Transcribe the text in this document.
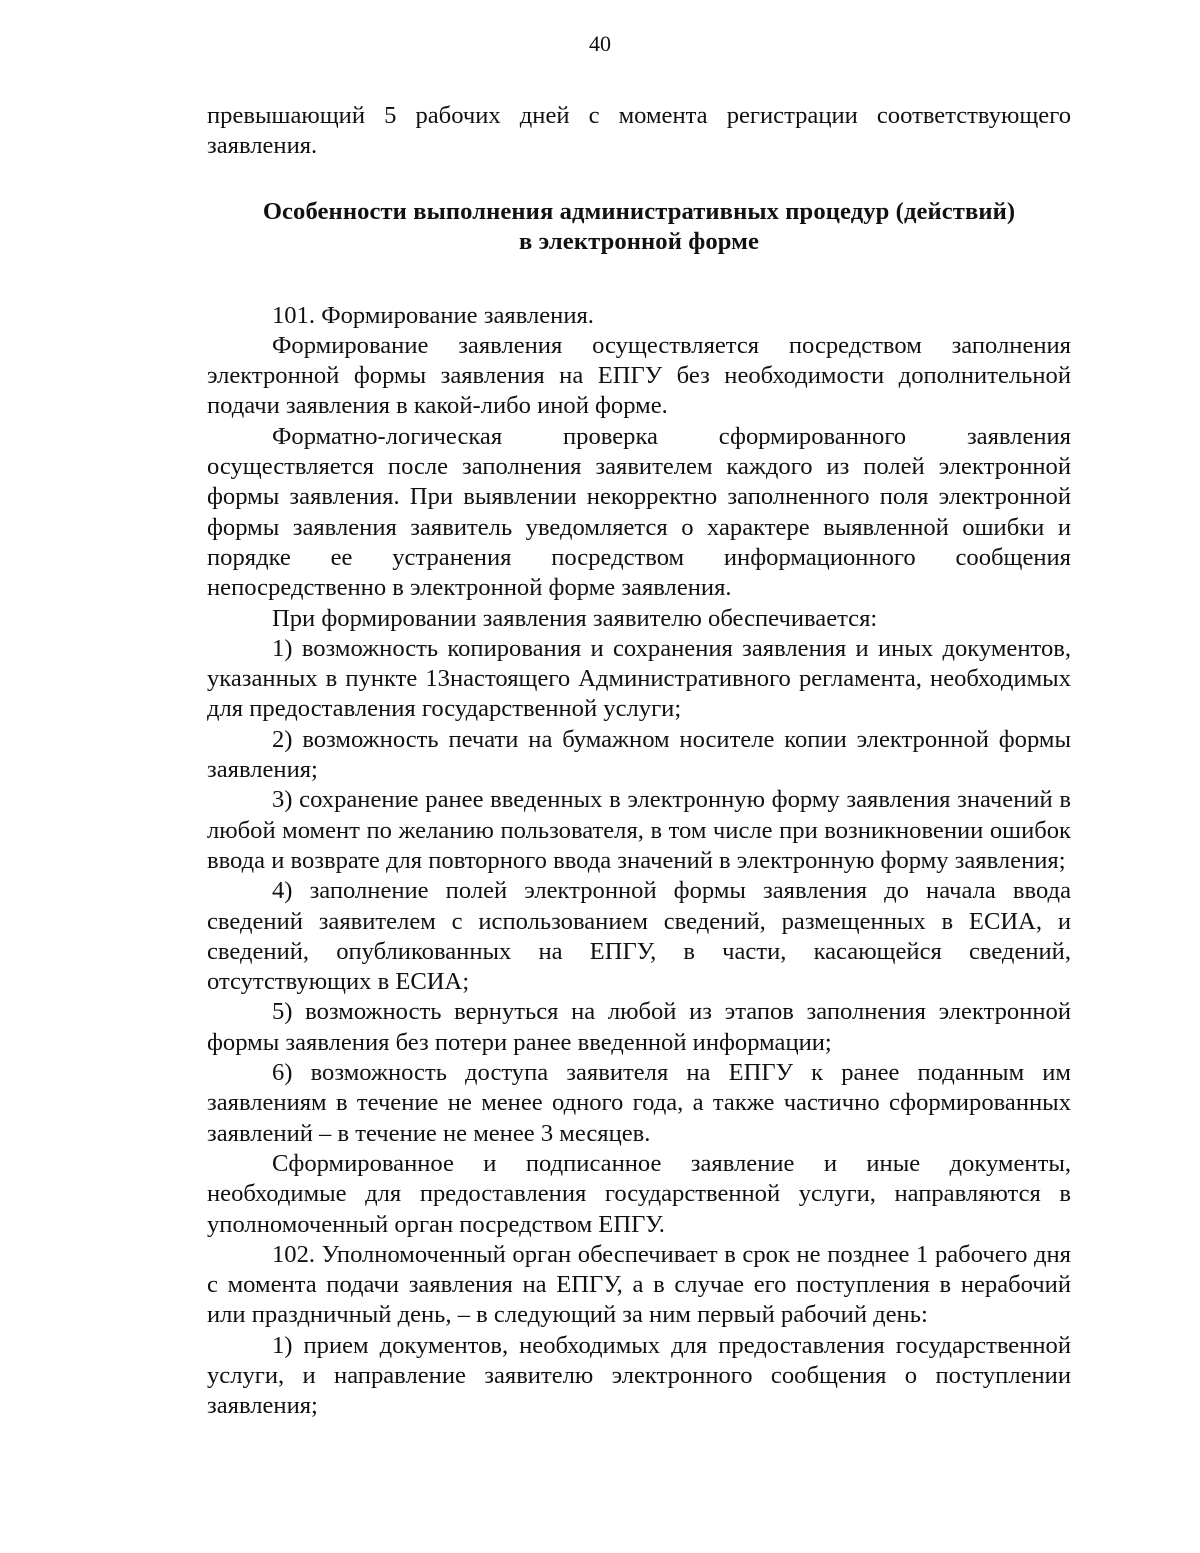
40

превышающий 5 рабочих дней с момента регистрации соответствующего заявления.

Особенности выполнения административных процедур (действий)

в электронной форме

101. Формирование заявления.

Формирование заявления осуществляется посредством заполнения электронной формы заявления на ЕПГУ без необходимости дополнительной подачи заявления в какой-либо иной форме.

Форматно-логическая проверка сформированного заявления осуществляется после заполнения заявителем каждого из полей электронной формы заявления. При выявлении некорректно заполненного поля электронной формы заявления заявитель уведомляется о характере выявленной ошибки и порядке ее устранения посредством информационного сообщения непосредственно в электронной форме заявления.

При формировании заявления заявителю обеспечивается:

1) возможность копирования и сохранения заявления и иных документов, указанных в пункте 13настоящего Административного регламента, необходимых для предоставления государственной услуги;

2) возможность печати на бумажном носителе копии электронной формы заявления;

3) сохранение ранее введенных в электронную форму заявления значений в любой момент по желанию пользователя, в том числе при возникновении ошибок ввода и возврате для повторного ввода значений в электронную форму заявления;

4) заполнение полей электронной формы заявления до начала ввода сведений заявителем с использованием сведений, размещенных в ЕСИА, и сведений, опубликованных на ЕПГУ, в части, касающейся сведений, отсутствующих в ЕСИА;

5) возможность вернуться на любой из этапов заполнения электронной формы заявления без потери ранее введенной информации;

6) возможность доступа заявителя на ЕПГУ к ранее поданным им заявлениям в течение не менее одного года, а также частично сформированных заявлений – в течение не менее 3 месяцев.

Сформированное и подписанное заявление и иные документы, необходимые для предоставления государственной услуги, направляются в уполномоченный орган посредством ЕПГУ.

102. Уполномоченный орган обеспечивает в срок не позднее 1 рабочего дня с момента подачи заявления на ЕПГУ, а в случае его поступления в нерабочий или праздничный день, – в следующий за ним первый рабочий день:

1) прием документов, необходимых для предоставления государственной услуги, и направление заявителю электронного сообщения о поступлении заявления;
